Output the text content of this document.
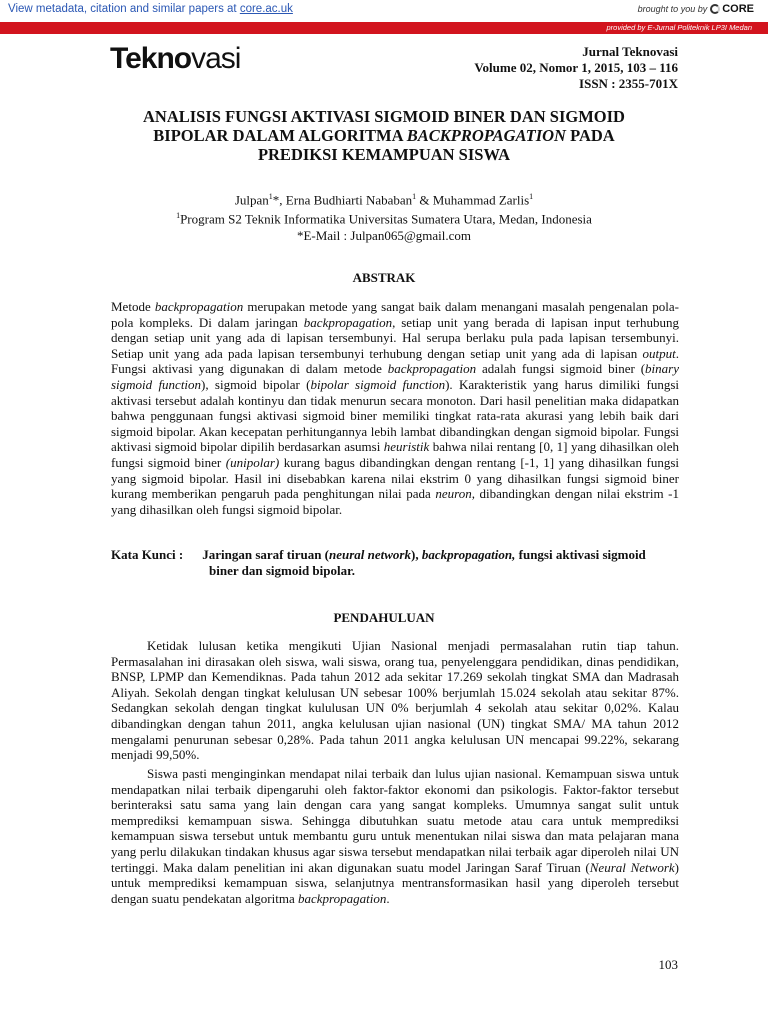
View metadata, citation and similar papers at core.ac.uk	brought to you by CORE
provided by E-Jurnal Politeknik LP3I Medan
Teknovasi	Jurnal Teknovasi
Volume 02, Nomor 1, 2015, 103 – 116
ISSN : 2355-701X
ANALISIS FUNGSI AKTIVASI SIGMOID BINER DAN SIGMOID
BIPOLAR DALAM ALGORITMA BACKPROPAGATION PADA
PREDIKSI KEMAMPUAN SISWA
Julpan$^1$*, Erna Budhiarti Nababan$^1$ & Muhammad Zarlis$^1$
$^1$Program S2 Teknik Informatika Universitas Sumatera Utara, Medan, Indonesia
*E-Mail : Julpan065@gmail.com
ABSTRAK

Metode backpropagation merupakan metode yang sangat baik dalam menangani masalah pengenalan pola-pola kompleks. Di dalam jaringan backpropagation, setiap unit yang berada di lapisan input terhubung dengan setiap unit yang ada di lapisan tersembunyi. Hal serupa berlaku pula pada lapisan tersembunyi. Setiap unit yang ada pada lapisan tersembunyi terhubung dengan setiap unit yang ada di lapisan output. Fungsi aktivasi yang digunakan di dalam metode backpropagation adalah fungsi sigmoid biner (binary sigmoid function), sigmoid bipolar (bipolar sigmoid function). Karakteristik yang harus dimiliki fungsi aktivasi tersebut adalah kontinyu dan tidak menurun secara monoton. Dari hasil penelitian maka didapatkan bahwa penggunaan fungsi aktivasi sigmoid biner memiliki tingkat rata-rata akurasi yang lebih baik dari sigmoid bipolar. Akan kecepatan perhitungannya lebih lambat dibandingkan dengan sigmoid bipolar. Fungsi aktivasi sigmoid bipolar dipilih berdasarkan asumsi heuristik bahwa nilai rentang [0, 1] yang dihasilkan oleh fungsi sigmoid biner (unipolar) kurang bagus dibandingkan dengan rentang [-1, 1] yang dihasilkan fungsi yang sigmoid bipolar. Hasil ini disebabkan karena nilai ekstrim 0 yang dihasilkan fungsi sigmoid biner kurang memberikan pengaruh pada penghitungan nilai pada neuron, dibandingkan dengan nilai ekstrim -1 yang dihasilkan oleh fungsi sigmoid bipolar.

Kata Kunci : Jaringan saraf tiruan (neural network), backpropagation, fungsi aktivasi sigmoid
biner dan sigmoid bipolar.
PENDAHULUAN

Ketidak lulusan ketika mengikuti Ujian Nasional menjadi permasalahan rutin tiap tahun. Permasalahan ini dirasakan oleh siswa, wali siswa, orang tua, penyelenggara pendidikan, dinas pendidikan, BNSP, LPMP dan Kemendiknas. Pada tahun 2012 ada sekitar 17.269 sekolah tingkat SMA dan Madrasah Aliyah. Sekolah dengan tingkat kelulusan UN sebesar 100% berjumlah 15.024 sekolah atau sekitar 87%. Sedangkan sekolah dengan tingkat kululusan UN 0% berjumlah 4 sekolah atau sekitar 0,02%. Kalau dibandingkan dengan tahun 2011, angka kelulusan ujian nasional (UN) tingkat SMA/ MA tahun 2012 mengalami penurunan sebesar 0,28%. Pada tahun 2011 angka kelulusan UN mencapai 99.22%, sekarang menjadi 99,50%.

Siswa pasti menginginkan mendapat nilai terbaik dan lulus ujian nasional. Kemampuan siswa untuk mendapatkan nilai terbaik dipengaruhi oleh faktor-faktor ekonomi dan psikologis. Faktor-faktor tersebut berinteraksi satu sama yang lain dengan cara yang sangat kompleks. Umumnya sangat sulit untuk memprediksi kemampuan siswa. Sehingga dibutuhkan suatu metode atau cara untuk memprediksi kemampuan siswa tersebut untuk membantu guru untuk menentukan nilai siswa dan mata pelajaran mana yang perlu dilakukan tindakan khusus agar siswa tersebut mendapatkan nilai terbaik agar diperoleh nilai UN tertinggi. Maka dalam penelitian ini akan digunakan suatu model Jaringan Saraf Tiruan (Neural Network) untuk memprediksi kemampuan siswa, selanjutnya mentransformasikan hasil yang diperoleh tersebut dengan suatu pendekatan algoritma backpropagation.

103
